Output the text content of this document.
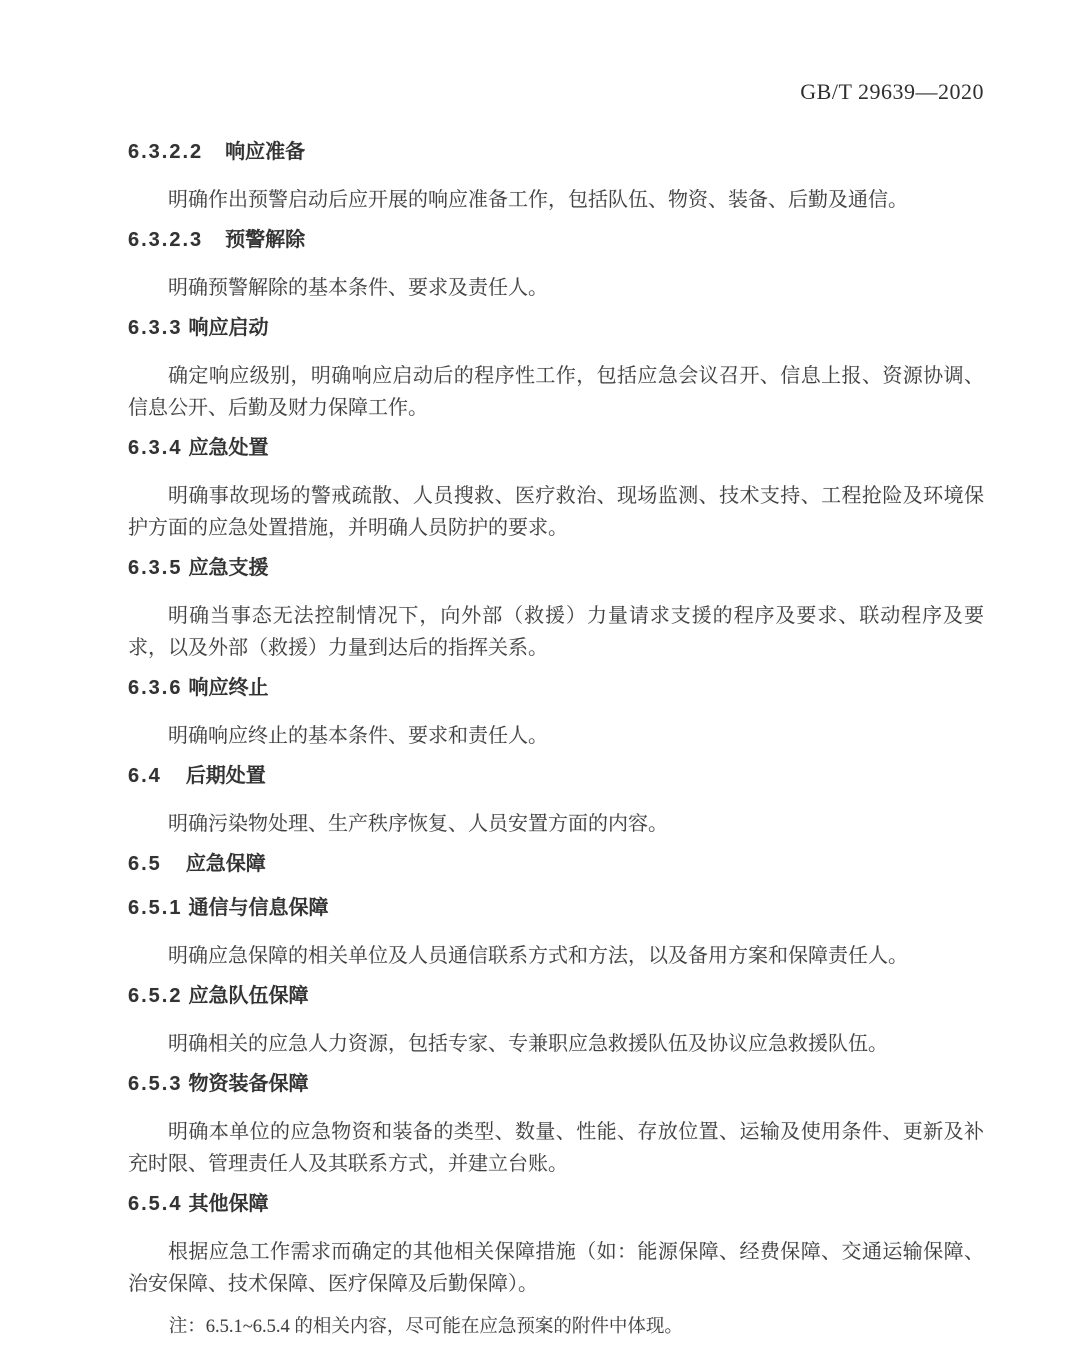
GB/T 29639—2020
6.3.2.2 响应准备

明确作出预警启动后应开展的响应准备工作，包括队伍、物资、装备、后勤及通信。

6.3.2.3 预警解除

明确预警解除的基本条件、要求及责任人。

6.3.3 响应启动

确定响应级别，明确响应启动后的程序性工作，包括应急会议召开、信息上报、资源协调、信息公开、后勤及财力保障工作。

6.3.4 应急处置

明确事故现场的警戒疏散、人员搜救、医疗救治、现场监测、技术支持、工程抢险及环境保护方面的应急处置措施，并明确人员防护的要求。

6.3.5 应急支援

明确当事态无法控制情况下，向外部（救援）力量请求支援的程序及要求、联动程序及要求，以及外部（救援）力量到达后的指挥关系。

6.3.6 响应终止

明确响应终止的基本条件、要求和责任人。

6.4 后期处置

明确污染物处理、生产秩序恢复、人员安置方面的内容。

6.5 应急保障
6.5.1 通信与信息保障

明确应急保障的相关单位及人员通信联系方式和方法，以及备用方案和保障责任人。

6.5.2 应急队伍保障

明确相关的应急人力资源，包括专家、专兼职应急救援队伍及协议应急救援队伍。

6.5.3 物资装备保障

明确本单位的应急物资和装备的类型、数量、性能、存放位置、运输及使用条件、更新及补充时限、管理责任人及其联系方式，并建立台账。

6.5.4 其他保障

根据应急工作需求而确定的其他相关保障措施（如：能源保障、经费保障、交通运输保障、治安保障、技术保障、医疗保障及后勤保障）。

注：6.5.1~6.5.4 的相关内容，尽可能在应急预案的附件中体现。
